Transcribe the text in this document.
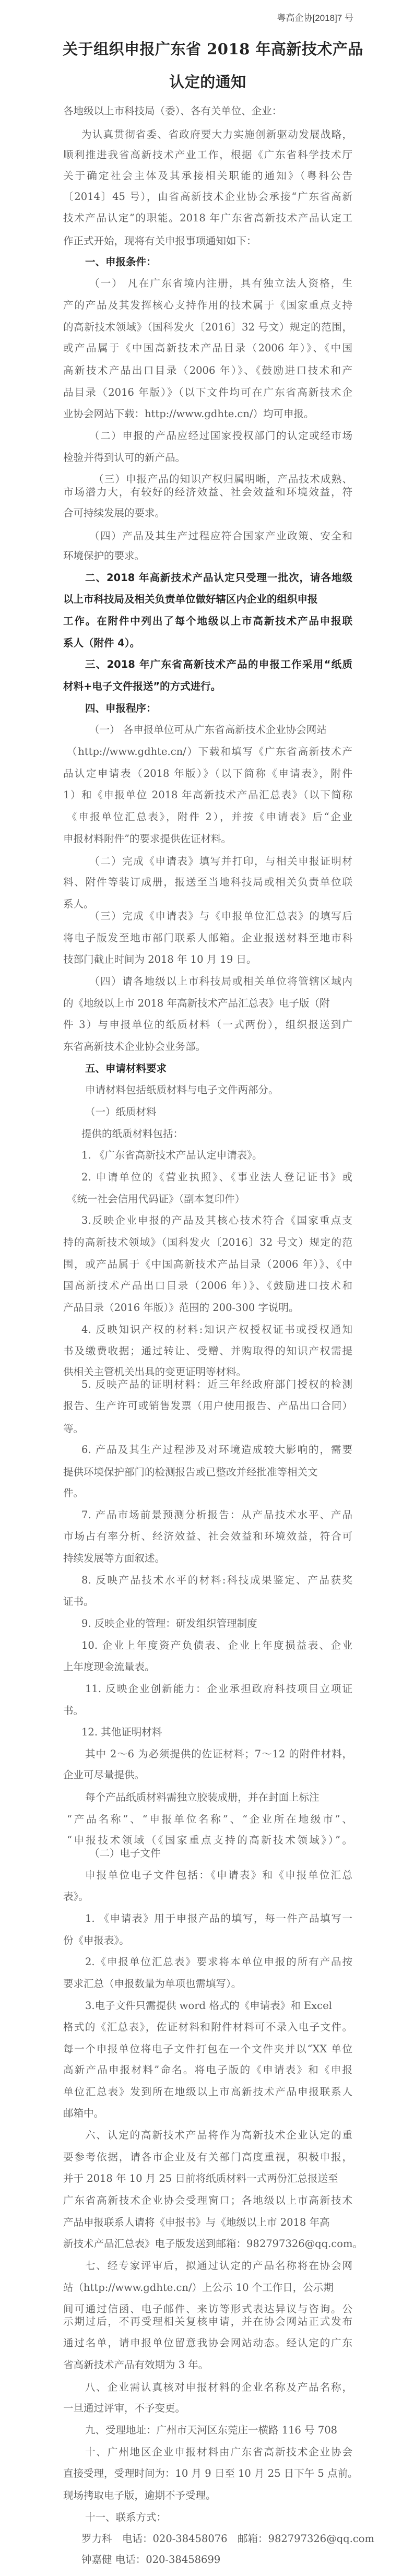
粤高企协[2018]7 号
关于组织申报广东省 2018 年高新技术产品
认定的通知
各地级以上市科技局（委）、各有关单位、企业：
为认真贯彻省委、省政府要大力实施创新驱动发展战略，
顺利推进我省高新技术产业工作，根据《广东省科学技术厅
关于确定社会主体及其承接相关职能的通知》（粤科公告
〔2014〕45 号），由省高新技术企业协会承接“广东省高新
技术产品认定”的职能。2018 年广东省高新技术产品认定工
作正式开始，现将有关申报事项通知如下：
一、申报条件：
（一） 凡在广东省境内注册，具有独立法人资格，生
产的产品及其发挥核心支持作用的技术属于《国家重点支持
的高新技术领域》（国科发火〔2016〕32 号文）规定的范围，
或产品属于《中国高新技术产品目录（2006 年）》、《中国
高新技术产品出口目录（2006 年）》、《鼓励进口技术和产
品目录（2016 年版）》（以下文件均可在广东省高新技术企
业协会网站下载：http://www.gdhte.cn/）均可申报。
（二）申报的产品应经过国家授权部门的认定或经市场
检验并得到认可的新产品。
（三）申报产品的知识产权归属明晰，产品技术成熟、
市场潜力大，有较好的经济效益、社会效益和环境效益，符
合可持续发展的要求。
（四）产品及其生产过程应符合国家产业政策、安全和
环境保护的要求。
二、2018 年高新技术产品认定只受理一批次，请各地级
以上市科技局及相关负责单位做好辖区内企业的组织申报
工作。在附件中列出了每个地级以上市高新技术产品申报联
系人（附件 4）。
三、2018 年广东省高新技术产品的申报工作采用“纸质
材料+电子文件报送”的方式进行。
四、申报程序：
（一） 各申报单位可从广东省高新技术企业协会网站
（http://www.gdhte.cn/）下载和填写《广东省高新技术产
品认定申请表（2018 年版）》（以下简称《申请表》，附件
1）和《申报单位 2018 年高新技术产品汇总表》（以下简称
《申报单位汇总表》，附件 2），并按《申请表》后“企业
申报材料附件”的要求提供佐证材料。
（二）完成《申请表》填写并打印，与相关申报证明材
料、附件等装订成册，报送至当地科技局或相关负责单位联
系人。
（三）完成《申请表》与《申报单位汇总表》的填写后
将电子版发至地市部门联系人邮箱。企业报送材料至地市科
技部门截止时间为 2018 年 10 月 19 日。
（四）请各地级以上市科技局或相关单位将管辖区域内
的《地级以上市 2018 年高新技术产品汇总表》电子版（附
件 3）与申报单位的纸质材料（一式两份），组织报送到广
东省高新技术企业协会业务部。
五、申请材料要求
申请材料包括纸质材料与电子文件两部分。
（一）纸质材料
提供的纸质材料包括：
1. 《广东省高新技术产品认定申请表》。
2. 申请单位的《营业执照》、《事业法人登记证书》或
《统一社会信用代码证》（副本复印件）
3.反映企业申报的产品及其核心技术符合《国家重点支
持的高新技术领域》（国科发火〔2016〕32 号文）规定的范
围，或产品属于《中国高新技术产品目录（2006 年）》、《中
国高新技术产品出口目录（2006 年）》、《鼓励进口技术和
产品目录（2016 年版）》范围的 200-300 字说明。
4. 反映知识产权的材料:知识产权授权证书或授权通知
书及缴费收据；通过转让、受赠、并购取得的知识产权需提
供相关主管机关出具的变更证明等材料。
5. 反映产品的证明材料：近三年经政府部门授权的检测
报告、生产许可或销售发票（用户使用报告、产品出口合同）
等。
6. 产品及其生产过程涉及对环境造成较大影响的，需要
提供环境保护部门的检测报告或已整改并经批准等相关文
件。
7. 产品市场前景预测分析报告：从产品技术水平、产品
市场占有率分析、经济效益、社会效益和环境效益，符合可
持续发展等方面叙述。
8. 反映产品技术水平的材料:科技成果鉴定、产品获奖
证书。
9. 反映企业的管理：研发组织管理制度
10. 企业上年度资产负债表、企业上年度损益表、企业
上年度现金流量表。
11. 反映企业创新能力：企业承担政府科技项目立项证
书。
12. 其他证明材料
其中 2～6 为必须提供的佐证材料；7～12 的附件材料，
企业可尽量提供。
每个产品纸质材料需独立胶装成册，并在封面上标注
“产品名称”、“申报单位名称”、“企业所在地级市”、
“申报技术领域（《国家重点支持的高新技术领域》）”。
（二）电子文件
申报单位电子文件包括：《申请表》和《申报单位汇总
表》。
1. 《申请表》用于申报产品的填写，每一件产品填写一
份《申报表》。
2.《申报单位汇总表》要求将本单位申报的所有产品按
要求汇总（申报数量为单项也需填写）。
3.电子文件只需提供 word 格式的《申请表》和 Excel
格式的《汇总表》，佐证材料和附件材料可不录入电子文件。
每一个申报单位将电子文件打包在一个文件夹并以“XX 单位
高新产品申报材料”命名。将电子版的《申请表》和《申报
单位汇总表》发到所在地级以上市高新技术产品申报联系人
邮箱中。
六、认定的高新技术产品将作为高新技术企业认定的重
要参考依据，请各市企业及有关部门高度重视，积极申报，
并于 2018 年 10 月 25 日前将纸质材料一式两份汇总报送至
广东省高新技术企业协会受理窗口；各地级以上市高新技术
产品申报联系人请将《申报书》与《地级以上市 2018 年高
新技术产品汇总表》电子版发送到邮箱：982797326@qq.com。
七、经专家评审后，拟通过认定的产品名称将在协会网
站（http://www.gdhte.cn/）上公示 10 个工作日，公示期
间可通过信函、电子邮件、来访等形式表达异议与咨询。公
示期过后，不再受理相关复核申请，并在协会网站正式发布
通过名单，请申报单位留意我协会网站动态。经认定的广东
省高新技术产品有效期为 3 年。
八、企业需认真核对申报材料的企业名称及产品名称，
一旦通过评审，不予变更。
九、受理地址：广州市天河区东莞庄一横路 116 号 708
十、广州地区企业申报材料由广东省高新技术企业协会
直接受理，受理时间为：10 月 9 日至 10 月 25 日下午 5 点前。
现场拷取电子版，逾期不予受理。
十一、联系方式：
罗力科　电话：020-38458076　邮箱：982797326@qq.com
钟嘉健 电话：020-38458699
